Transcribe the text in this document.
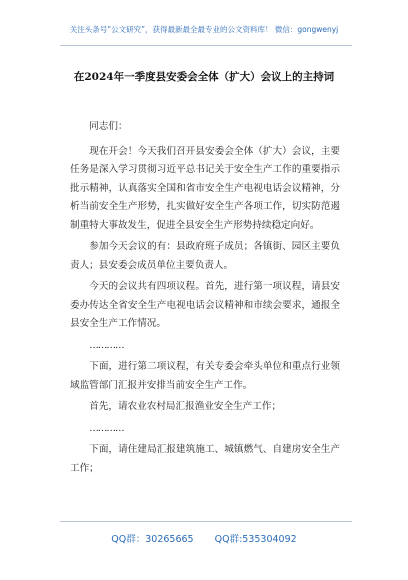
关注头条号“公文研究”，获得最新最全最专业的公文资料库！ 微信：gongwenyj
在2024年一季度县安委会全体（扩大）会议上的主持词

同志们：

现在开会！今天我们召开县安委会全体（扩大）会议，主要任务是深入学习贯彻习近平总书记关于安全生产工作的重要指示批示精神，认真落实全国和省市安全生产电视电话会议精神，分析当前安全生产形势，扎实做好安全生产各项工作，切实防范遏制重特大事故发生，促进全县安全生产形势持续稳定向好。

参加今天会议的有：县政府班子成员；各镇街、园区主要负责人；县安委会成员单位主要负责人。

今天的会议共有四项议程。首先，进行第一项议程，请县安委办传达全省安全生产电视电话会议精神和市续会要求，通报全县安全生产工作情况。

…………

下面，进行第二项议程，有关专委会牵头单位和重点行业领域监管部门汇报并安排当前安全生产工作。

首先，请农业农村局汇报渔业安全生产工作；

…………

下面，请住建局汇报建筑施工、城镇燃气、自建房安全生产工作；

QQ群：30265665 QQ群:535304092
